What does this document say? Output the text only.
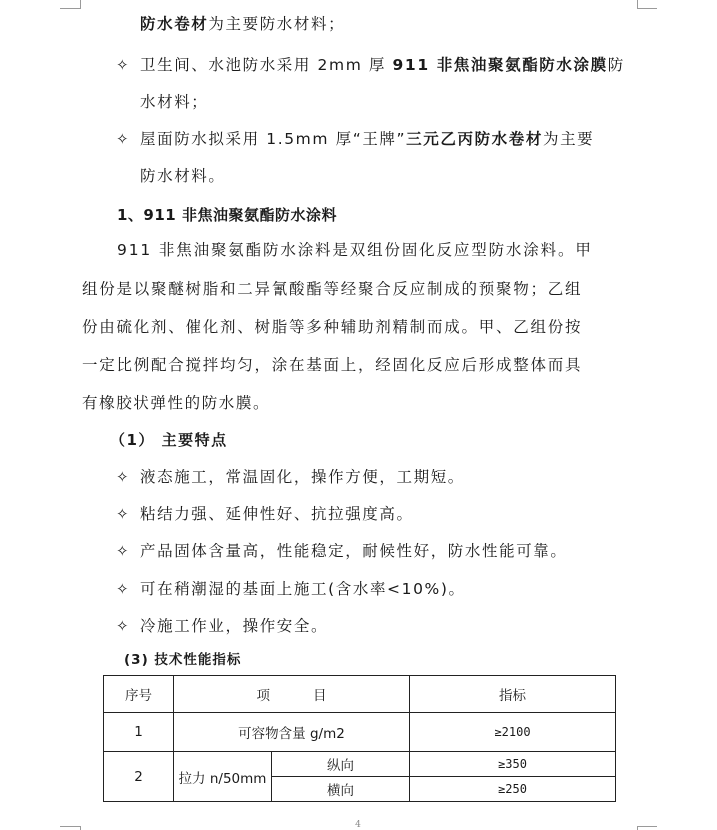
防水卷材为主要防水材料；
✧ 卫生间、水池防水采用 2mm 厚 911 非焦油聚氨酯防水涂膜防
水材料；
✧ 屋面防水拟采用 1.5mm 厚“王牌”三元乙丙防水卷材为主要
防水材料。
1、911 非焦油聚氨酯防水涂料
911 非焦油聚氨酯防水涂料是双组份固化反应型防水涂料。甲
组份是以聚醚树脂和二异氰酸酯等经聚合反应制成的预聚物；乙组
份由硫化剂、催化剂、树脂等多种辅助剂精制而成。甲、乙组份按
一定比例配合搅拌均匀，涂在基面上，经固化反应后形成整体而具
有橡胶状弹性的防水膜。
（1） 主要特点
✧ 液态施工，常温固化，操作方便，工期短。
✧ 粘结力强、延伸性好、抗拉强度高。
✧ 产品固体含量高，性能稳定，耐候性好，防水性能可靠。
✧ 可在稍潮湿的基面上施工(含水率<10%)。
✧ 冷施工作业，操作安全。
(3) 技术性能指标
序号	项          目		指标
1	可容物含量 g/m2		≥2100
2	拉力 n/50mm	纵向	≥350
		横向	≥250
4
